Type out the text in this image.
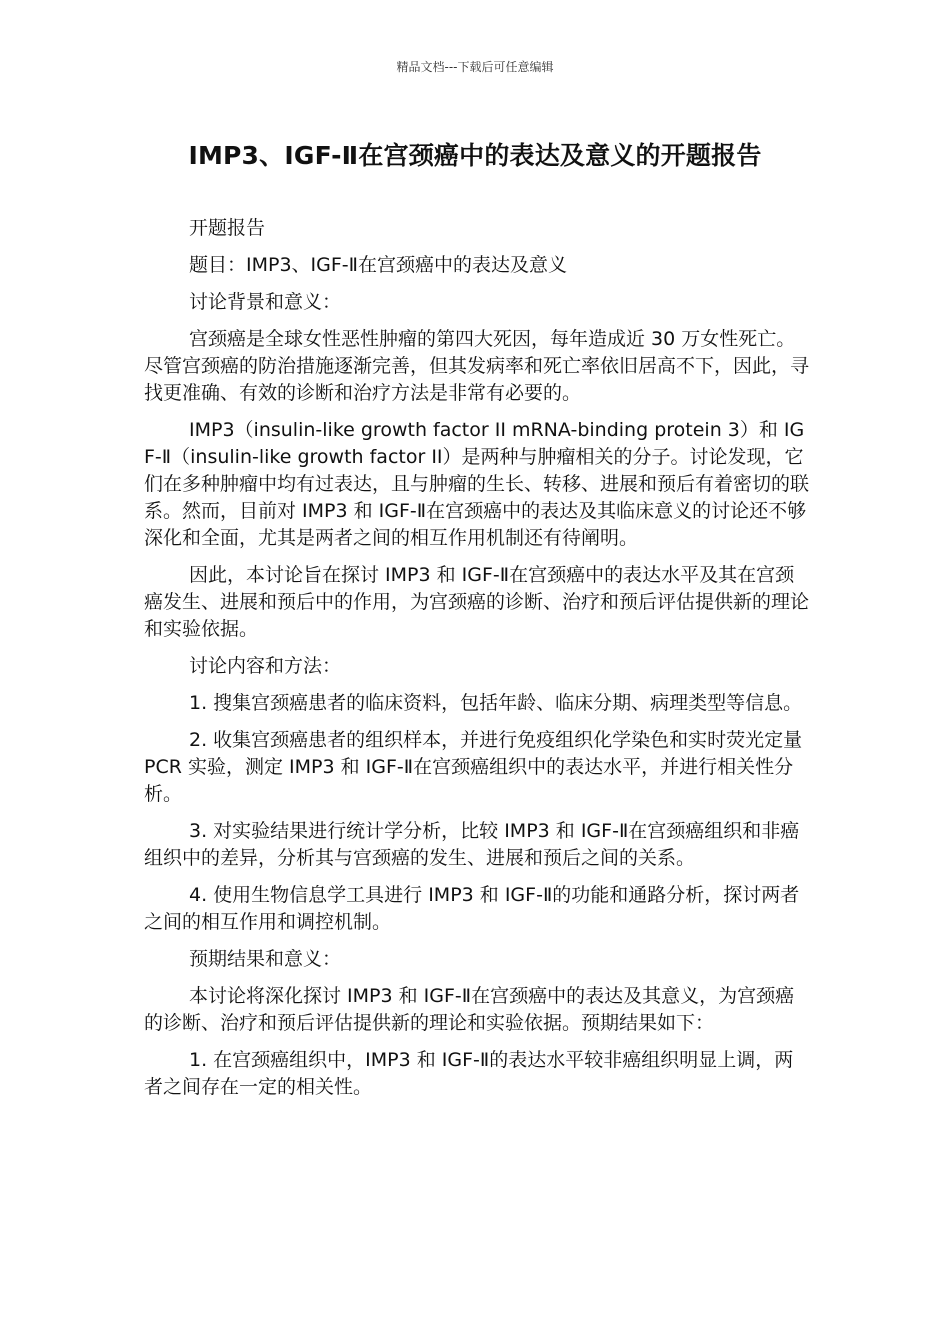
精品文档---下载后可任意编辑
IMP3、IGF-Ⅱ在宫颈癌中的表达及意义的开题报告

开题报告

题目：IMP3、IGF-Ⅱ在宫颈癌中的表达及意义

讨论背景和意义：

宫颈癌是全球女性恶性肿瘤的第四大死因，每年造成近 30 万女性死亡。尽管宫颈癌的防治措施逐渐完善，但其发病率和死亡率依旧居高不下，因此，寻找更准确、有效的诊断和治疗方法是非常有必要的。

IMP3（insulin-like growth factor II mRNA-binding protein 3）和 IGF-Ⅱ（insulin-like growth factor II）是两种与肿瘤相关的分子。讨论发现，它们在多种肿瘤中均有过表达，且与肿瘤的生长、转移、进展和预后有着密切的联系。然而，目前对 IMP3 和 IGF-Ⅱ在宫颈癌中的表达及其临床意义的讨论还不够深化和全面，尤其是两者之间的相互作用机制还有待阐明。

因此，本讨论旨在探讨 IMP3 和 IGF-Ⅱ在宫颈癌中的表达水平及其在宫颈癌发生、进展和预后中的作用，为宫颈癌的诊断、治疗和预后评估提供新的理论和实验依据。

讨论内容和方法：

1. 搜集宫颈癌患者的临床资料，包括年龄、临床分期、病理类型等信息。

2. 收集宫颈癌患者的组织样本，并进行免疫组织化学染色和实时荧光定量 PCR 实验，测定 IMP3 和 IGF-Ⅱ在宫颈癌组织中的表达水平，并进行相关性分析。

3. 对实验结果进行统计学分析，比较 IMP3 和 IGF-Ⅱ在宫颈癌组织和非癌组织中的差异，分析其与宫颈癌的发生、进展和预后之间的关系。

4. 使用生物信息学工具进行 IMP3 和 IGF-Ⅱ的功能和通路分析，探讨两者之间的相互作用和调控机制。

预期结果和意义：

本讨论将深化探讨 IMP3 和 IGF-Ⅱ在宫颈癌中的表达及其意义，为宫颈癌的诊断、治疗和预后评估提供新的理论和实验依据。预期结果如下：

1. 在宫颈癌组织中，IMP3 和 IGF-Ⅱ的表达水平较非癌组织明显上调，两者之间存在一定的相关性。
